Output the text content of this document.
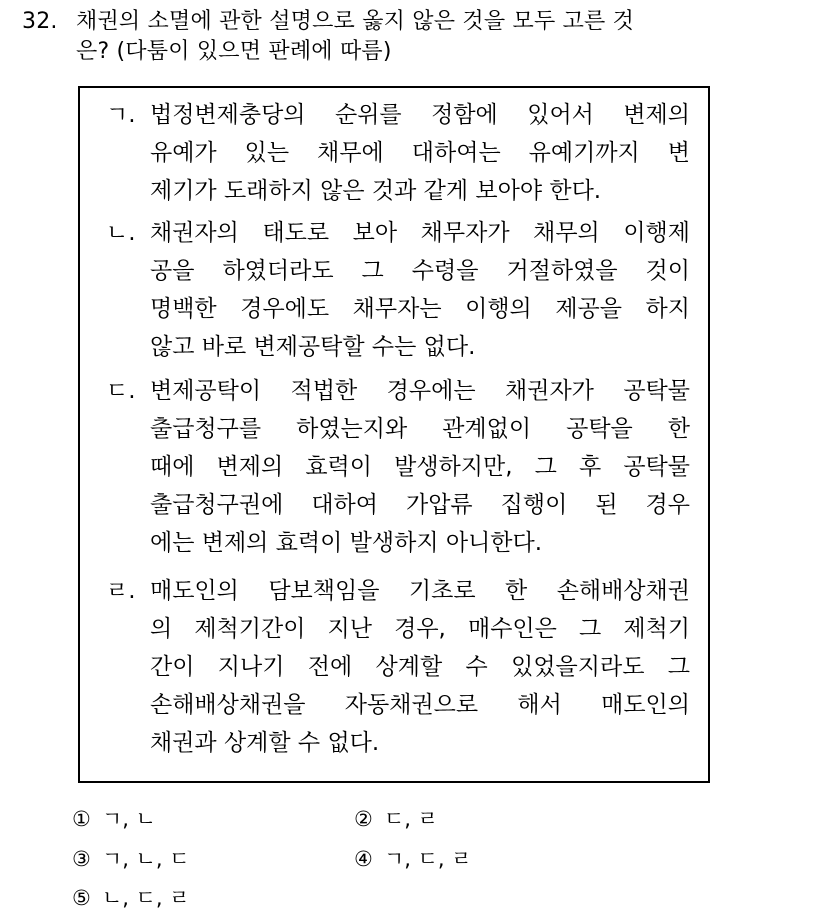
32. 채권의 소멸에 관한 설명으로 옳지 않은 것을 모두 고른 것
은? (다툼이 있으면 판례에 따름)
ㄱ. 법정변제충당의 순위를 정함에 있어서 변제의
유예가 있는 채무에 대하여는 유예기까지 변
제기가 도래하지 않은 것과 같게 보아야 한다.
ㄴ. 채권자의 태도로 보아 채무자가 채무의 이행제
공을 하였더라도 그 수령을 거절하였을 것이
명백한 경우에도 채무자는 이행의 제공을 하지
않고 바로 변제공탁할 수는 없다.
ㄷ. 변제공탁이 적법한 경우에는 채권자가 공탁물
출급청구를 하였는지와 관계없이 공탁을 한
때에 변제의 효력이 발생하지만, 그 후 공탁물
출급청구권에 대하여 가압류 집행이 된 경우
에는 변제의 효력이 발생하지 아니한다.
ㄹ. 매도인의 담보책임을 기초로 한 손해배상채권
의 제척기간이 지난 경우, 매수인은 그 제척기
간이 지나기 전에 상계할 수 있었을지라도 그
손해배상채권을 자동채권으로 해서 매도인의
채권과 상계할 수 없다.
① ㄱ, ㄴ	② ㄷ, ㄹ
③ ㄱ, ㄴ, ㄷ	④ ㄱ, ㄷ, ㄹ
⑤ ㄴ, ㄷ, ㄹ
